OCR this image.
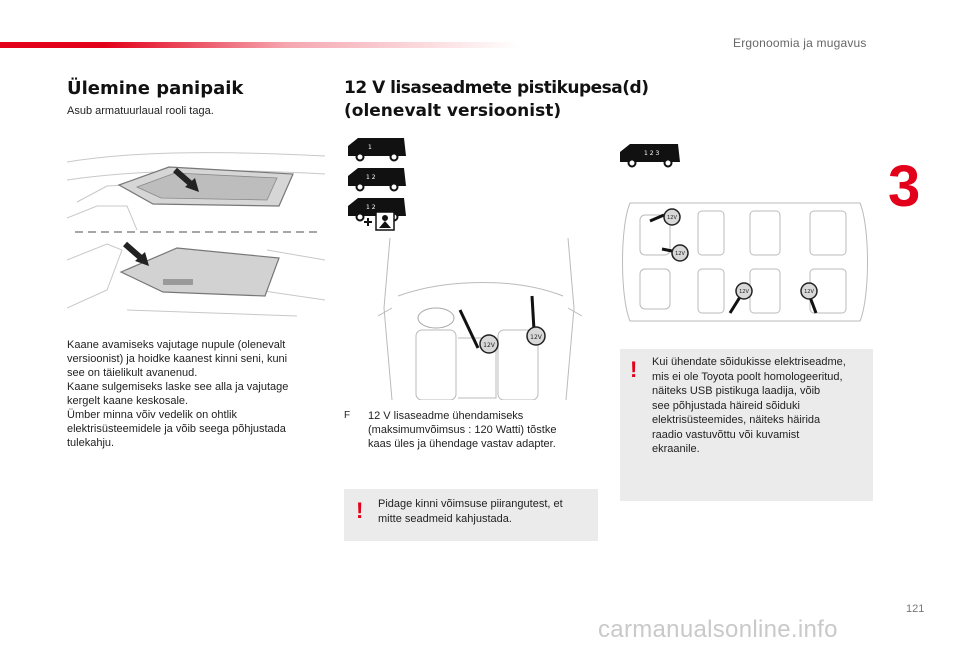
Ergonoomia ja mugavus
3
Ülemine panipaik
Asub armatuurlaual rooli taga.
Kaane avamiseks vajutage nupule (olenevalt
versioonist) ja hoidke kaanest kinni seni, kuni
see on täielikult avanenud.
Kaane sulgemiseks laske see alla ja vajutage
kergelt kaane keskosale.
Ümber minna võiv vedelik on ohtlik
elektrisüsteemidele ja võib seega põhjustada
tulekahju.
12 V lisaseadmete pistikupesa(d)
(olenevalt versioonist)
1
1 2
1 2
12V
12V
F 12 V lisaseadme ühendamiseks
(maksimumvõimsus : 120 Watti) tõstke
kaas üles ja ühendage vastav adapter.
! Pidage kinni võimsuse piirangutest, et
mitte seadmeid kahjustada.
1 2 3
12V
12V
12V	12V
! Kui ühendate sõidukisse elektriseadme,
mis ei ole Toyota poolt homologeeritud,
näiteks USB pistikuga laadija, võib
see põhjustada häireid sõiduki
elektrisüsteemides, näiteks häirida
raadio vastuvõttu või kuvamist
ekraanile.
121
carmanualsonline.info
